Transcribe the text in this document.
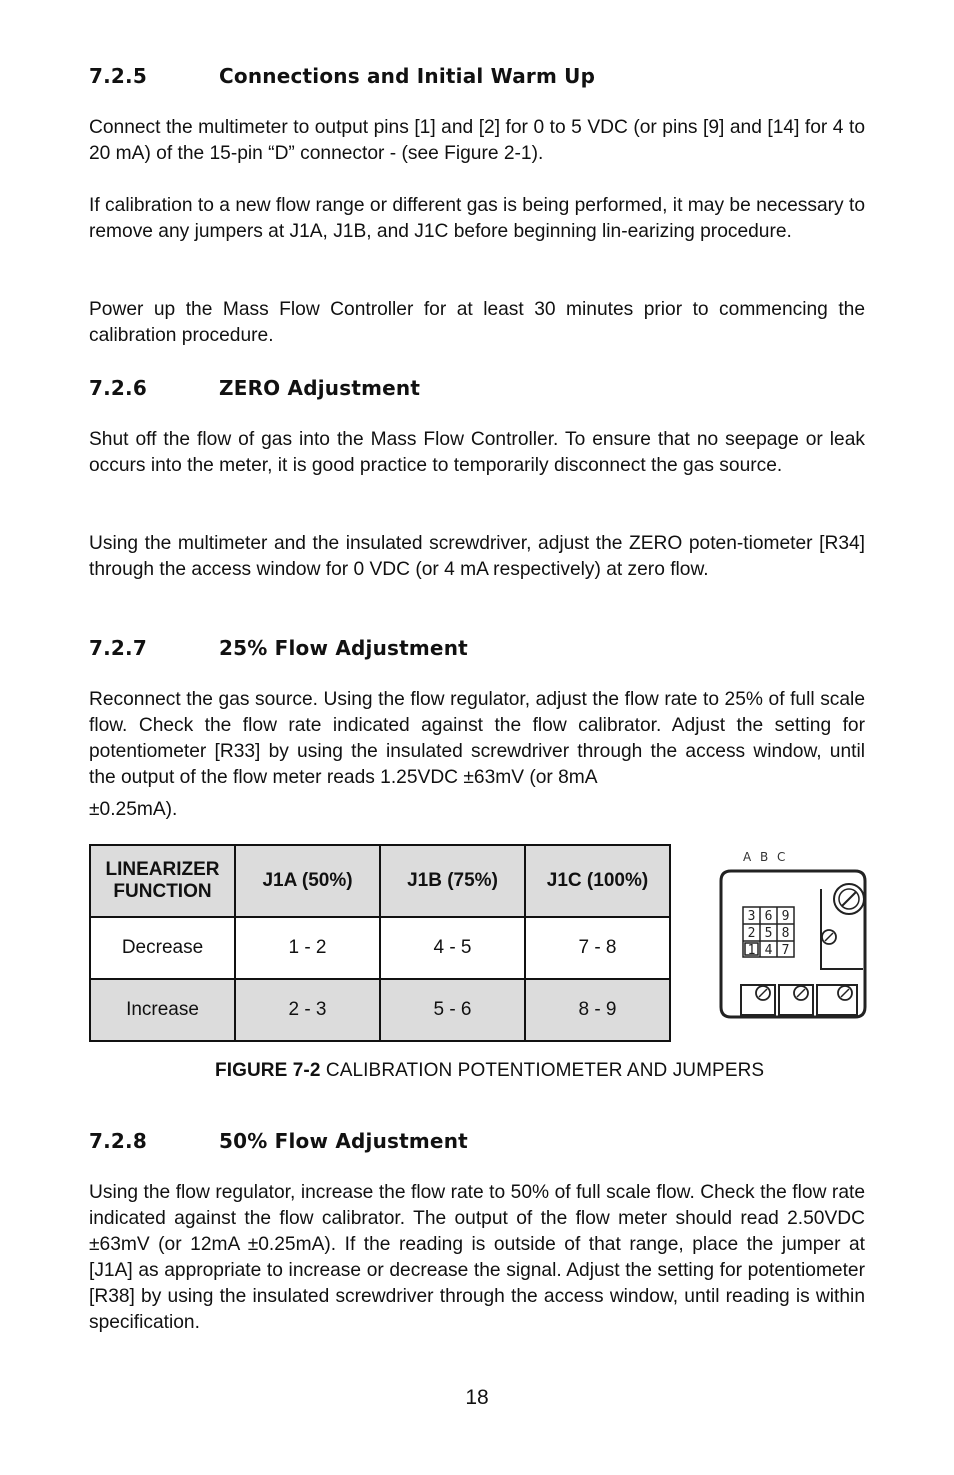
7.2.5	Connections and Initial Warm Up

Connect the multimeter to output pins [1] and [2] for 0 to 5 VDC (or pins [9] and [14] for 4 to 20 mA) of the 15-pin “D” connector - (see Figure 2-1).

If calibration to a new flow range or different gas is being performed, it may be necessary to remove any jumpers at J1A, J1B, and J1C before beginning lin-earizing procedure.

Power up the Mass Flow Controller for at least 30 minutes prior to commencing the calibration procedure.

7.2.6	ZERO Adjustment

Shut off the flow of gas into the Mass Flow Controller. To ensure that no seepage or leak occurs into the meter, it is good practice to temporarily disconnect the gas source.

Using the multimeter and the insulated screwdriver, adjust the ZERO poten-tiometer [R34] through the access window for 0 VDC (or 4 mA respectively) at zero flow.

7.2.7	25% Flow Adjustment

Reconnect the gas source. Using the flow regulator, adjust the flow rate to 25% of full scale flow. Check the flow rate indicated against the flow calibrator. Adjust the setting for potentiometer [R33] by using the insulated screwdriver through the access window, until the output of the flow meter reads 1.25VDC ±63mV (or 8mA

±0.25mA).

LINEARIZER FUNCTION	J1A (50%)	J1B (75%)	J1C (100%)
Decrease	1 - 2	4 - 5	7 - 8
Increase	2 - 3	5 - 6	8 - 9
A B C
3 6 9
2 5 8
1 4 7
FIGURE 7-2 CALIBRATION POTENTIOMETER AND JUMPERS
7.2.8	50% Flow Adjustment

Using the flow regulator, increase the flow rate to 50% of full scale flow. Check the flow rate indicated against the flow calibrator. The output of the flow meter should read 2.50VDC ±63mV (or 12mA ±0.25mA). If the reading is outside of that range, place the jumper at [J1A] as appropriate to increase or decrease the signal. Adjust the setting for potentiometer [R38] by using the insulated screwdriver through the access window, until reading is within specification.

18
